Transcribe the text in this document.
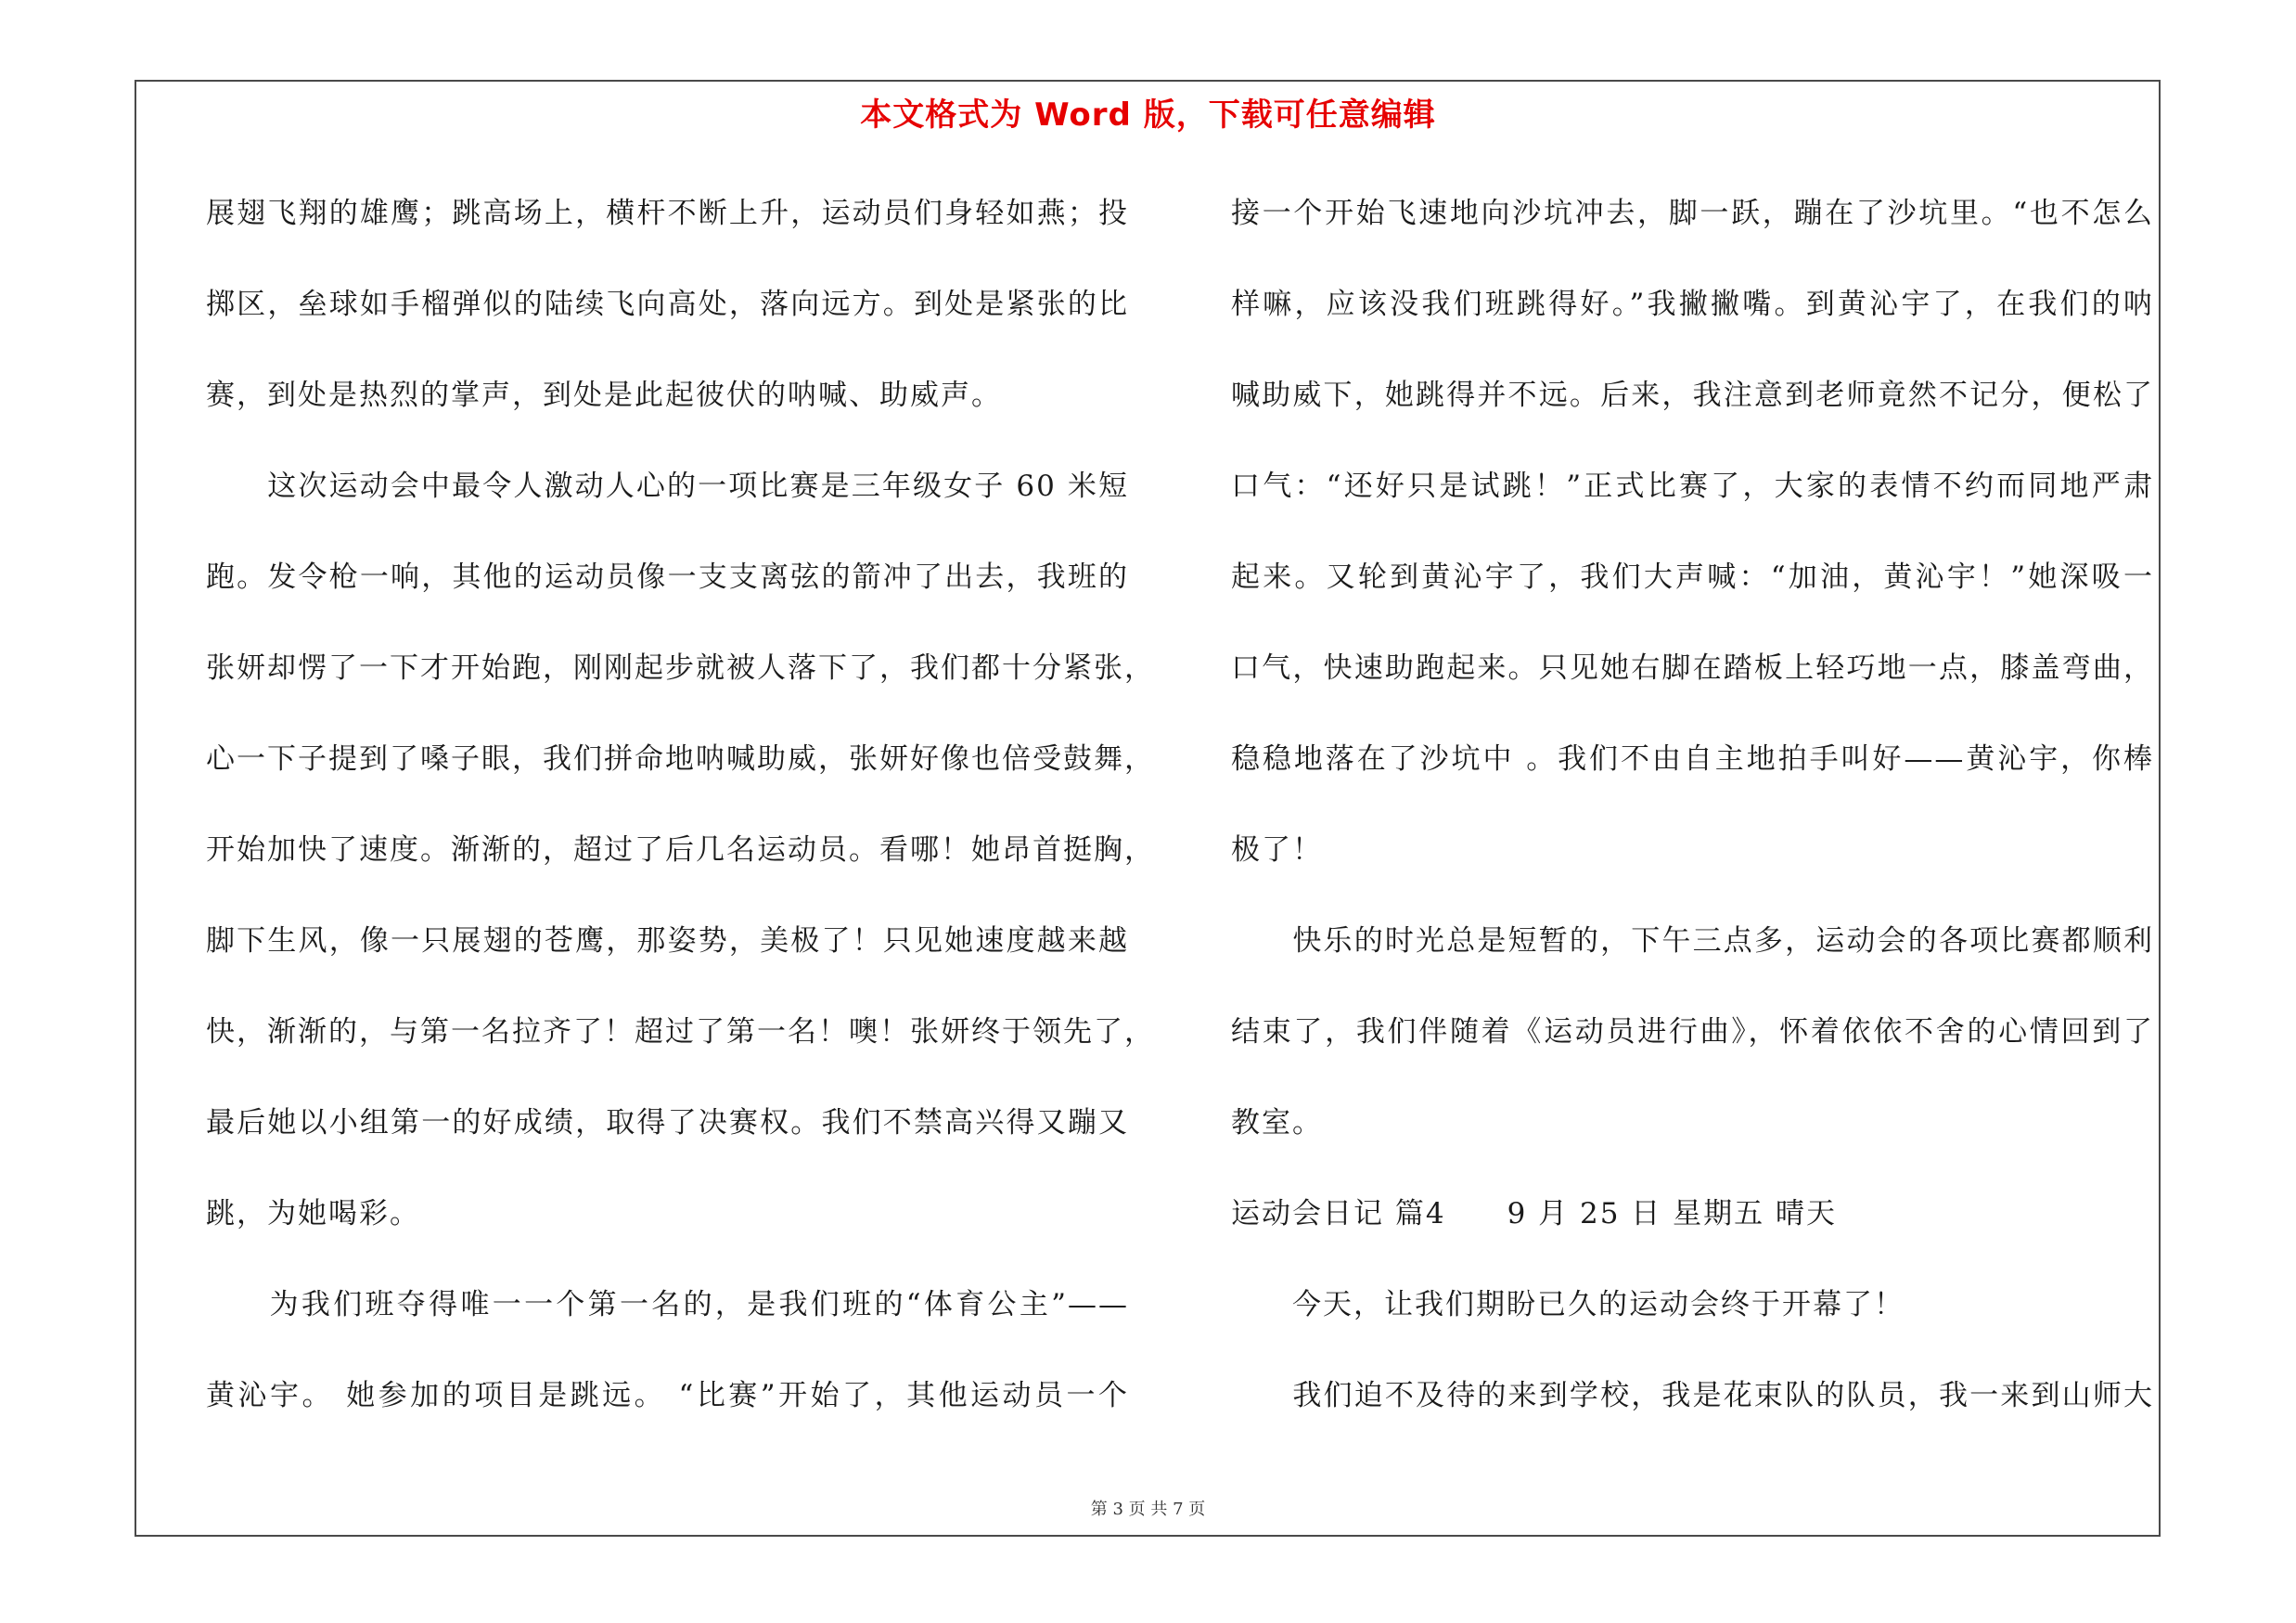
本文格式为 Word 版，下载可任意编辑
展翅飞翔的雄鹰；跳高场上，横杆不断上升，运动员们身轻如燕；投
掷区，垒球如手榴弹似的陆续飞向高处，落向远方。到处是紧张的比
赛，到处是热烈的掌声，到处是此起彼伏的呐喊、助威声。
　　这次运动会中最令人激动人心的一项比赛是三年级女子 60 米短
跑。发令枪一响，其他的运动员像一支支离弦的箭冲了出去，我班的
张妍却愣了一下才开始跑，刚刚起步就被人落下了，我们都十分紧张，
心一下子提到了嗓子眼，我们拼命地呐喊助威，张妍好像也倍受鼓舞，
开始加快了速度。渐渐的，超过了后几名运动员。看哪！她昂首挺胸，
脚下生风，像一只展翅的苍鹰，那姿势，美极了！只见她速度越来越
快，渐渐的，与第一名拉齐了！超过了第一名！噢！张妍终于领先了，
最后她以小组第一的好成绩，取得了决赛权。我们不禁高兴得又蹦又
跳，为她喝彩。
　　为我们班夺得唯一一个第一名的，是我们班的“体育公主”——
黄沁宇。 她参加的项目是跳远。 “比赛”开始了，其他运动员一个
接一个开始飞速地向沙坑冲去，脚一跃，蹦在了沙坑里。“也不怎么
样嘛，应该没我们班跳得好。”我撇撇嘴。到黄沁宇了，在我们的呐
喊助威下，她跳得并不远。后来，我注意到老师竟然不记分，便松了
口气：“还好只是试跳！”正式比赛了，大家的表情不约而同地严肃
起来。又轮到黄沁宇了，我们大声喊：“加油，黄沁宇！”她深吸一
口气，快速助跑起来。只见她右脚在踏板上轻巧地一点，膝盖弯曲，
稳稳地落在了沙坑中 。我们不由自主地拍手叫好——黄沁宇，你棒
极了！
　　快乐的时光总是短暂的，下午三点多，运动会的各项比赛都顺利
结束了，我们伴随着《运动员进行曲》，怀着依依不舍的心情回到了
教室。
运动会日记 篇4　　9 月 25 日 星期五 晴天
　　今天，让我们期盼已久的运动会终于开幕了！
　　我们迫不及待的来到学校，我是花束队的队员，我一来到山师大
第 3 页 共 7 页
